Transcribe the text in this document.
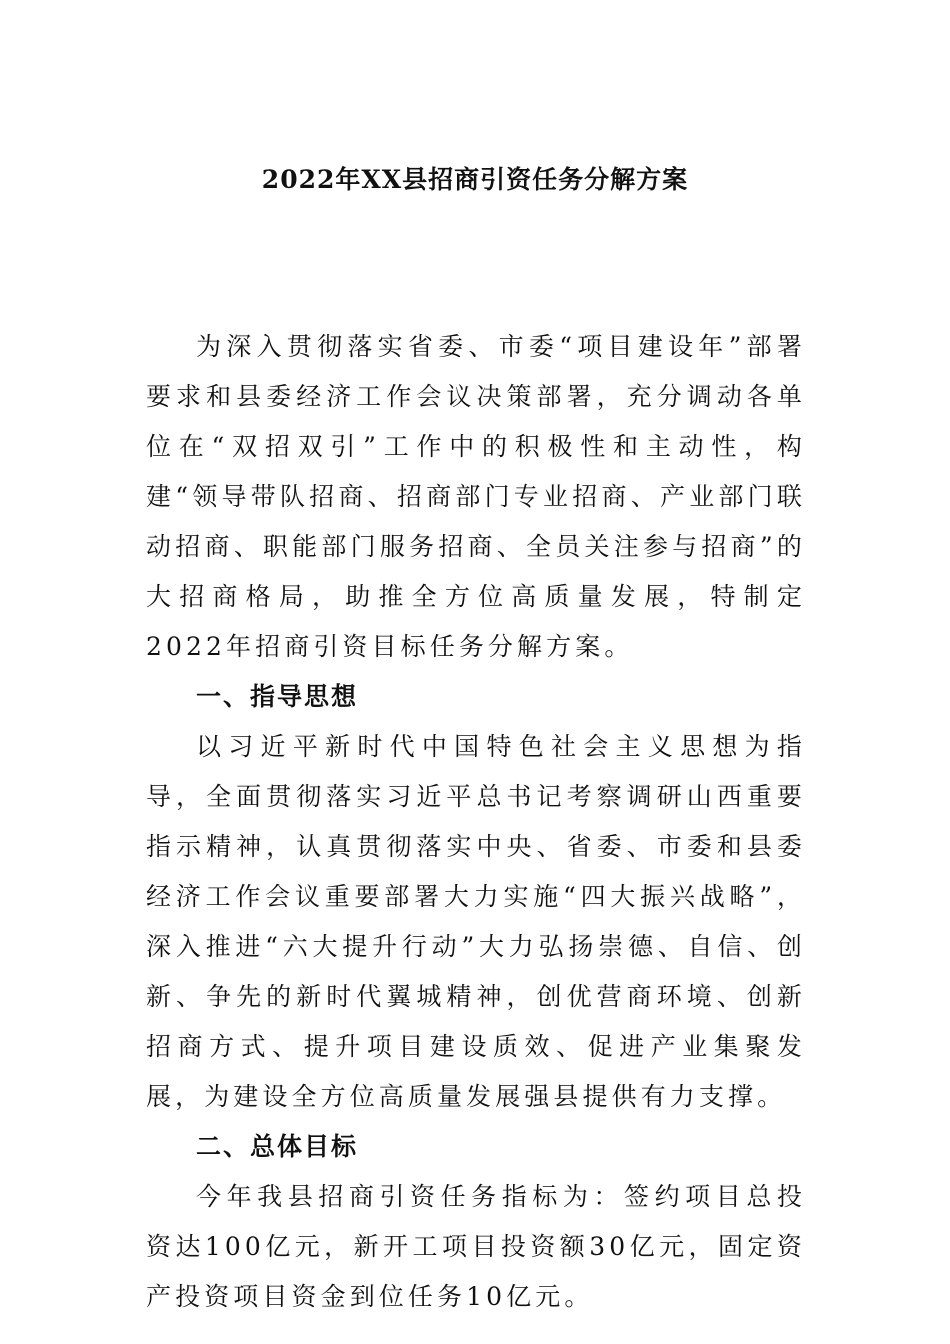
2022年XX县招商引资任务分解方案

为深入贯彻落实省委、市委“项目建设年”部署要求和县委经济工作会议决策部署，充分调动各单位在“双招双引”工作中的积极性和主动性，构建“领导带队招商、招商部门专业招商、产业部门联动招商、职能部门服务招商、全员关注参与招商”的大招商格局，助推全方位高质量发展，特制定2022年招商引资目标任务分解方案。

一、指导思想

以习近平新时代中国特色社会主义思想为指导，全面贯彻落实习近平总书记考察调研山西重要指示精神，认真贯彻落实中央、省委、市委和县委经济工作会议重要部署大力实施“四大振兴战略”，深入推进“六大提升行动”大力弘扬崇德、自信、创新、争先的新时代翼城精神，创优营商环境、创新招商方式、提升项目建设质效、促进产业集聚发展，为建设全方位高质量发展强县提供有力支撑。

二、总体目标

今年我县招商引资任务指标为：签约项目总投资达100亿元，新开工项目投资额30亿元，固定资产投资项目资金到位任务10亿元。
